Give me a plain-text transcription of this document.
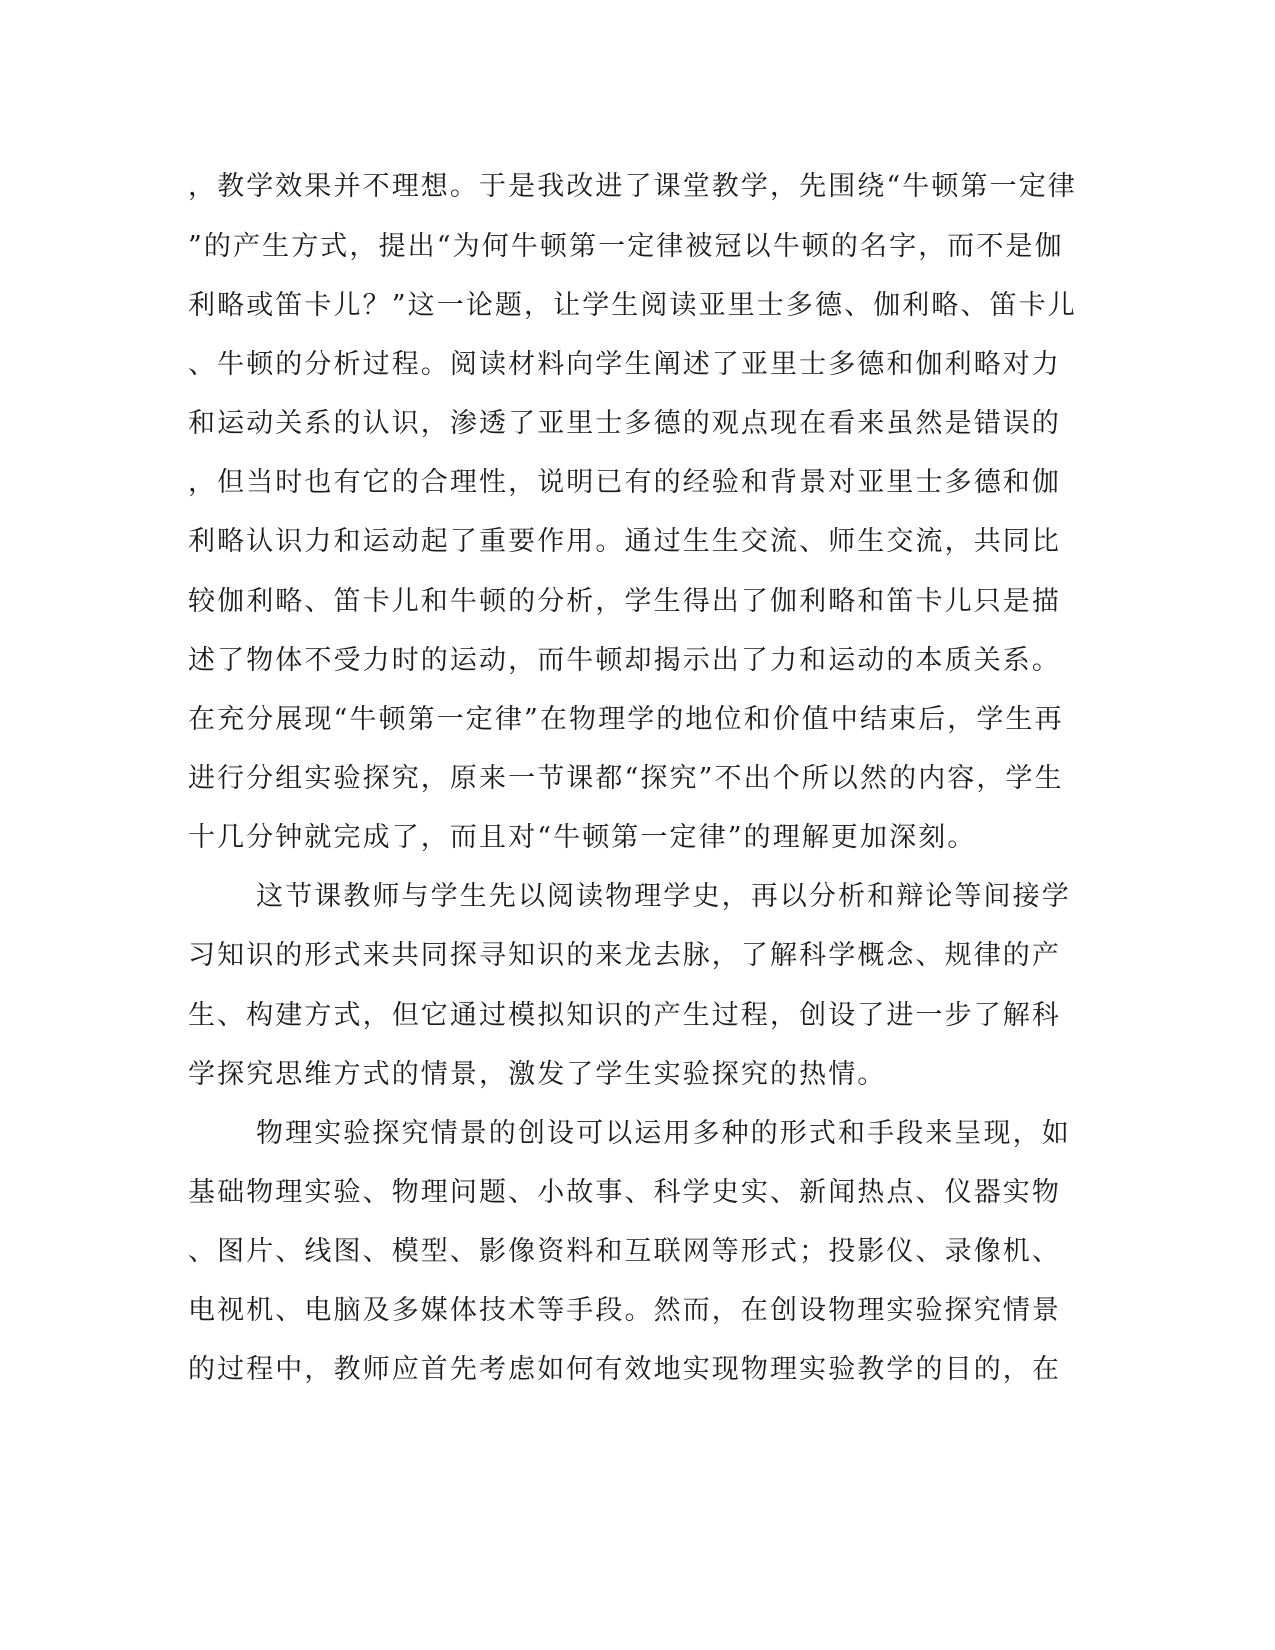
，教学效果并不理想。于是我改进了课堂教学，先围绕“牛顿第一定律
”的产生方式，提出“为何牛顿第一定律被冠以牛顿的名字，而不是伽
利略或笛卡儿？”这一论题，让学生阅读亚里士多德、伽利略、笛卡儿
、牛顿的分析过程。阅读材料向学生阐述了亚里士多德和伽利略对力
和运动关系的认识，渗透了亚里士多德的观点现在看来虽然是错误的
，但当时也有它的合理性，说明已有的经验和背景对亚里士多德和伽
利略认识力和运动起了重要作用。通过生生交流、师生交流，共同比
较伽利略、笛卡儿和牛顿的分析，学生得出了伽利略和笛卡儿只是描
述了物体不受力时的运动，而牛顿却揭示出了力和运动的本质关系。
在充分展现“牛顿第一定律”在物理学的地位和价值中结束后，学生再
进行分组实验探究，原来一节课都“探究”不出个所以然的内容，学生
十几分钟就完成了，而且对“牛顿第一定律”的理解更加深刻。
这节课教师与学生先以阅读物理学史，再以分析和辩论等间接学
习知识的形式来共同探寻知识的来龙去脉，了解科学概念、规律的产
生、构建方式，但它通过模拟知识的产生过程，创设了进一步了解科
学探究思维方式的情景，激发了学生实验探究的热情。
物理实验探究情景的创设可以运用多种的形式和手段来呈现，如
基础物理实验、物理问题、小故事、科学史实、新闻热点、仪器实物
、图片、线图、模型、影像资料和互联网等形式；投影仪、录像机、
电视机、电脑及多媒体技术等手段。然而，在创设物理实验探究情景
的过程中，教师应首先考虑如何有效地实现物理实验教学的目的，在
